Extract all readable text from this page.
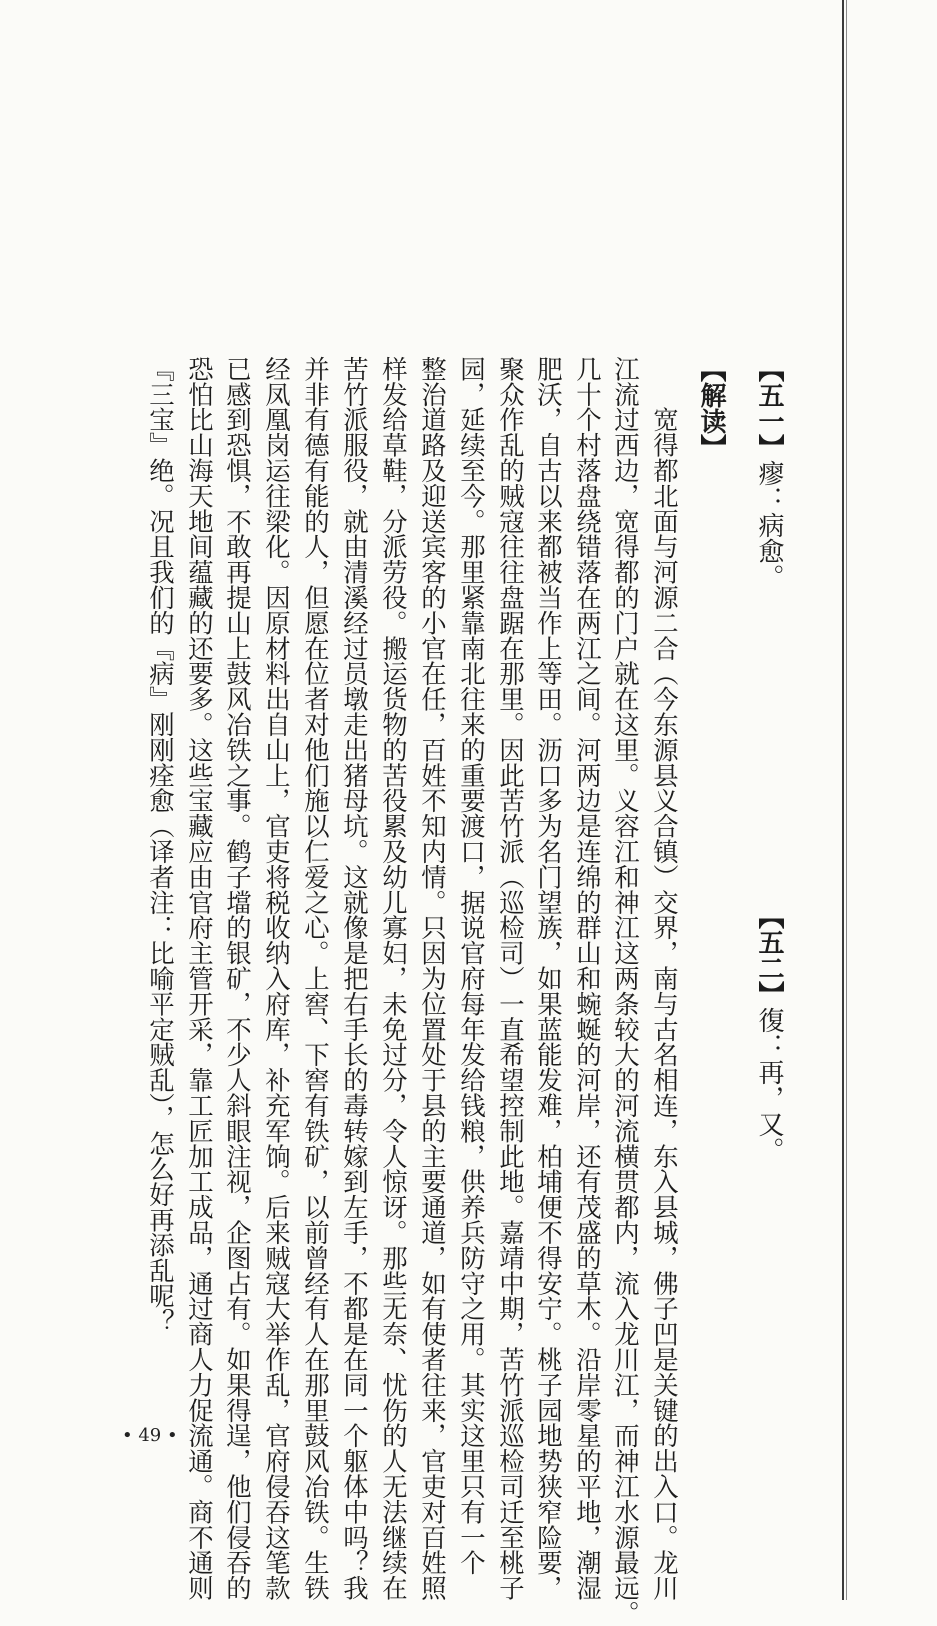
【五一】瘳：病愈。
【五二】復：再，又。
【解读】
　　宽得都北面与河源二合（今东源县义合镇）交界，南与古名相连，东入县城，佛子凹是关键的出入口。龙川
江流过西边，宽得都的门户就在这里。义容江和神江这两条较大的河流横贯都内，流入龙川江，而神江水源最远。
几十个村落盘绕错落在两江之间。河两边是连绵的群山和蜿蜒的河岸，还有茂盛的草木。沿岸零星的平地，潮湿
肥沃，自古以来都被当作上等田。沥口多为名门望族，如果蓝能发难，柏埔便不得安宁。桃子园地势狭窄险要，
聚众作乱的贼寇往往盘踞在那里。因此苦竹派（巡检司）一直希望控制此地。嘉靖中期，苦竹派巡检司迁至桃子
园，延续至今。那里紧靠南北往来的重要渡口，据说官府每年发给钱粮，供养兵防守之用。其实这里只有一个
整治道路及迎送宾客的小官在任，百姓不知内情。只因为位置处于县的主要通道，如有使者往来，官吏对百姓照
样发给草鞋，分派劳役。搬运货物的苦役累及幼儿寡妇，未免过分，令人惊讶。那些无奈、忧伤的人无法继续在
苦竹派服役，就由清溪经过员墩走出猪母坑。这就像是把右手长的毒转嫁到左手，不都是在同一个躯体中吗？我
并非有德有能的人，但愿在位者对他们施以仁爱之心。上窖、下窖有铁矿，以前曾经有人在那里鼓风冶铁。生铁
经凤凰岗运往梁化。因原材料出自山上，官吏将税收纳入府库，补充军饷。后来贼寇大举作乱，官府侵吞这笔款
已感到恐惧，不敢再提山上鼓风冶铁之事。鹤子壋的银矿，不少人斜眼注视，企图占有。如果得逞，他们侵吞的
恐怕比山海天地间蕴藏的还要多。这些宝藏应由官府主管开采，靠工匠加工成品，通过商人力促流通。商不通则
『三宝』绝。况且我们的『病』刚刚痊愈（译者注：比喻平定贼乱），怎么好再添乱呢？
• 49 •
